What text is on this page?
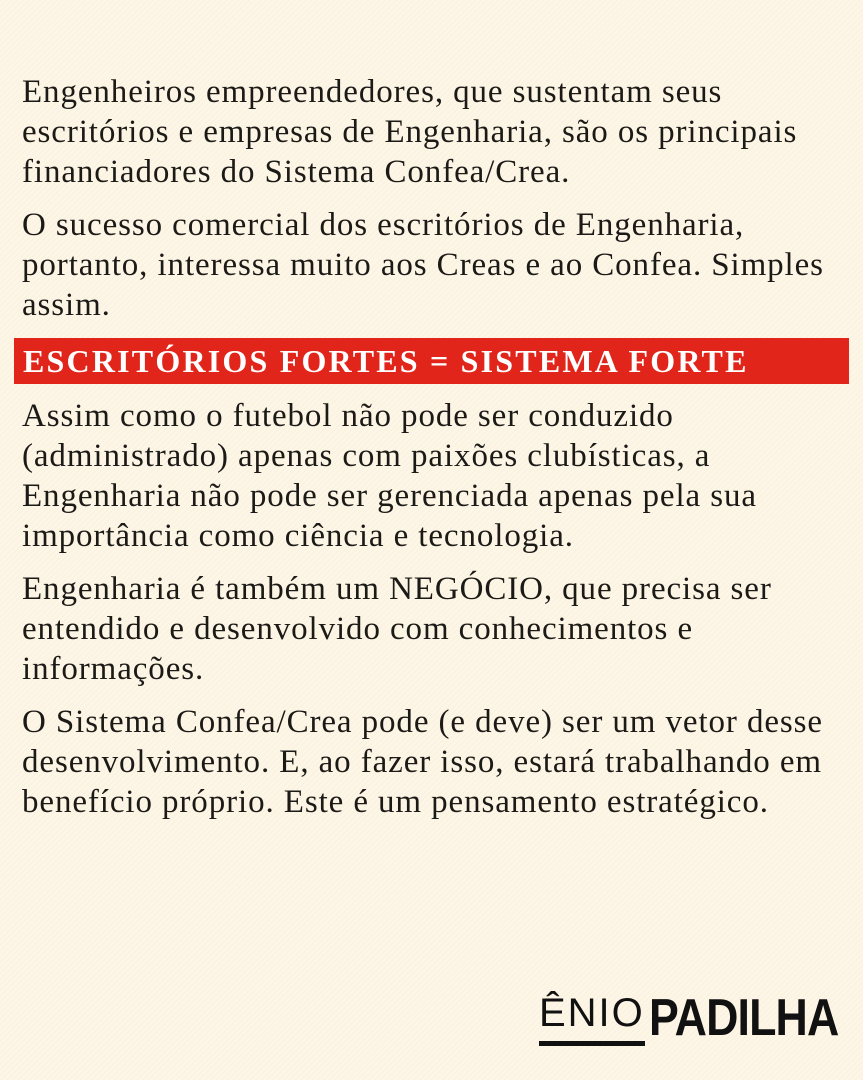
Engenheiros empreendedores, que sustentam seus escritórios e empresas de Engenharia, são os principais financiadores do Sistema Confea/Crea.

O sucesso comercial dos escritórios de Engenharia, portanto, interessa muito aos Creas e ao Confea. Simples assim.

ESCRITÓRIOS FORTES = SISTEMA FORTE

Assim como o futebol não pode ser conduzido (administrado) apenas com paixões clubísticas, a Engenharia não pode ser gerenciada apenas pela sua importância como ciência e tecnologia.

Engenharia é também um NEGÓCIO, que precisa ser entendido e desenvolvido com conhecimentos e informações.

O Sistema Confea/Crea pode (e deve) ser um vetor desse desenvolvimento. E, ao fazer isso, estará trabalhando em benefício próprio. Este é um pensamento estratégico.

ÊNIO PADILHA
